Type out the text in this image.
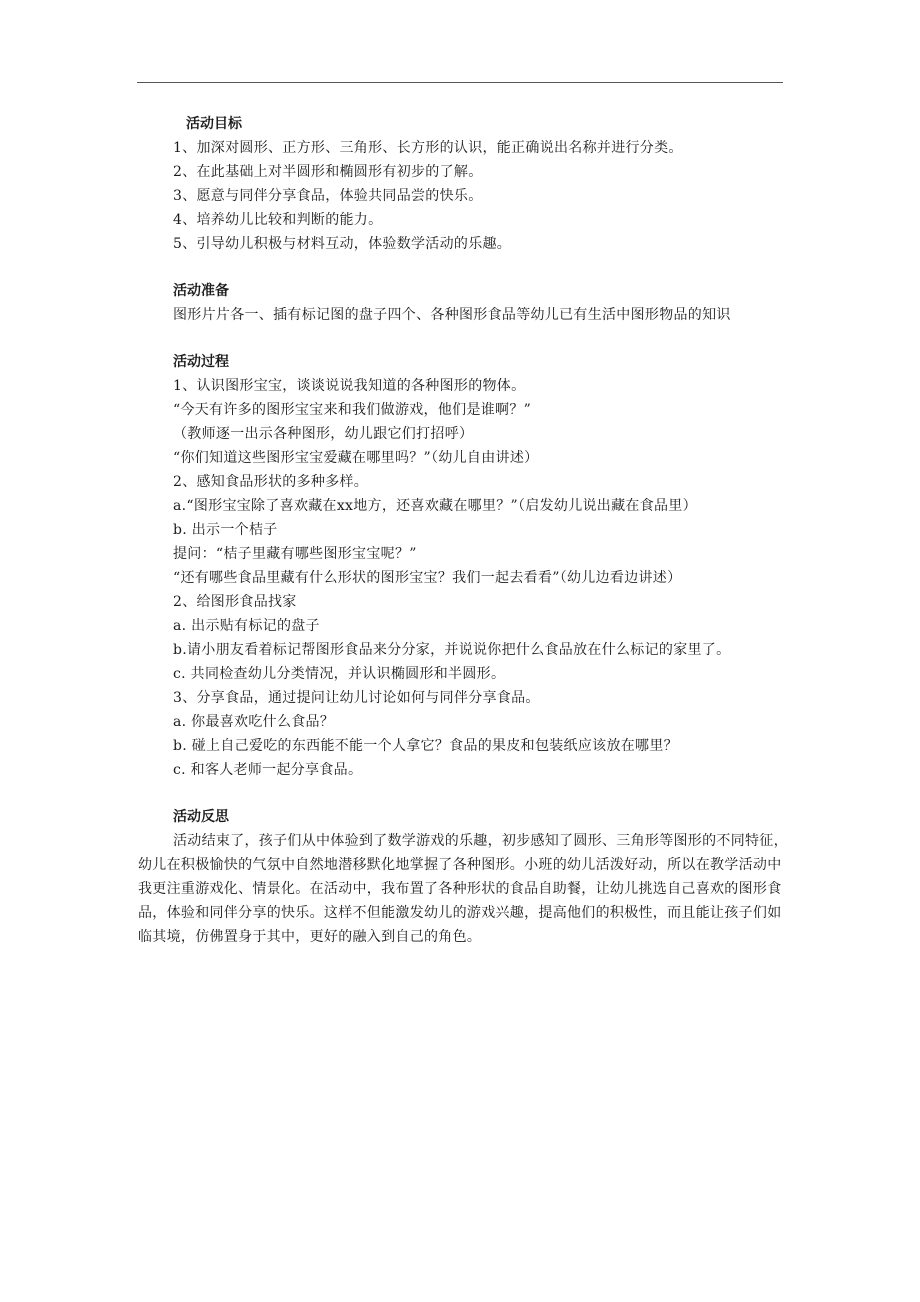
活动目标
1、加深对圆形、正方形、三角形、长方形的认识，能正确说出名称并进行分类。
2、在此基础上对半圆形和椭圆形有初步的了解。
3、愿意与同伴分享食品，体验共同品尝的快乐。
4、培养幼儿比较和判断的能力。
5、引导幼儿积极与材料互动，体验数学活动的乐趣。
活动准备
图形片片各一、插有标记图的盘子四个、各种图形食品等幼儿已有生活中图形物品的知识
活动过程
1、认识图形宝宝，谈谈说说我知道的各种图形的物体。
“今天有许多的图形宝宝来和我们做游戏，他们是谁啊？”
（教师逐一出示各种图形，幼儿跟它们打招呼）
“你们知道这些图形宝宝爱藏在哪里吗？”（幼儿自由讲述）
2、感知食品形状的多种多样。
a.“图形宝宝除了喜欢藏在xx地方，还喜欢藏在哪里？”（启发幼儿说出藏在食品里）
b. 出示一个桔子
提问：“桔子里藏有哪些图形宝宝呢？”
“还有哪些食品里藏有什么形状的图形宝宝？我们一起去看看”（幼儿边看边讲述）
2、给图形食品找家
a. 出示贴有标记的盘子
b.请小朋友看着标记帮图形食品来分分家，并说说你把什么食品放在什么标记的家里了。
c. 共同检查幼儿分类情况，并认识椭圆形和半圆形。
3、分享食品，通过提问让幼儿讨论如何与同伴分享食品。
a. 你最喜欢吃什么食品？
b. 碰上自己爱吃的东西能不能一个人拿它？食品的果皮和包装纸应该放在哪里？
c. 和客人老师一起分享食品。
活动反思
活动结束了，孩子们从中体验到了数学游戏的乐趣，初步感知了圆形、三角形等图形的不同特征，幼儿在积极愉快的气氛中自然地潜移默化地掌握了各种图形。小班的幼儿活泼好动，所以在教学活动中我更注重游戏化、情景化。在活动中，我布置了各种形状的食品自助餐，让幼儿挑选自己喜欢的图形食品，体验和同伴分享的快乐。这样不但能激发幼儿的游戏兴趣，提高他们的积极性，而且能让孩子们如临其境，仿佛置身于其中，更好的融入到自己的角色。
